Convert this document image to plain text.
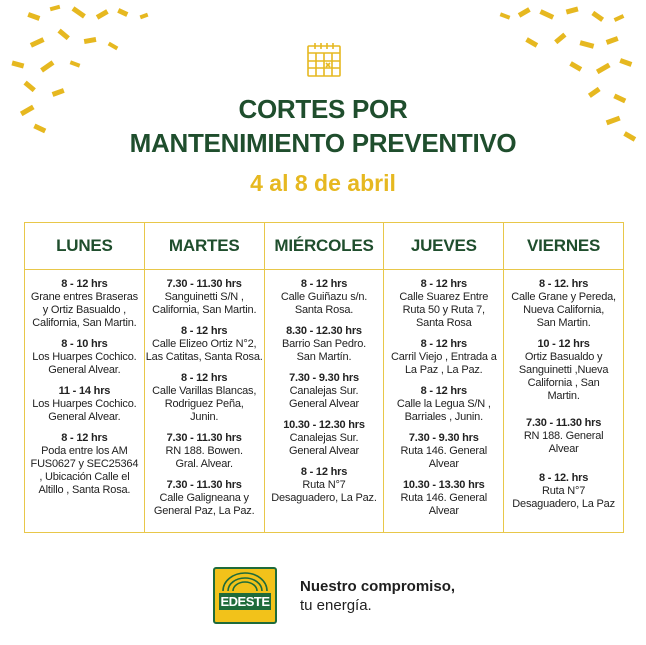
CORTES POR
MANTENIMIENTO PREVENTIVO
4 al 8 de abril
LUNES
8 - 12 hrs
Grane entres Braseras
y Ortiz Basualdo ,
California, San Martin.
8 - 10 hrs
Los Huarpes Cochico.
General Alvear.
11 - 14 hrs
Los Huarpes Cochico.
General Alvear.
8 - 12 hrs
Poda entre los AM
FUS0627 y SEC25364
, Ubicación Calle el
Altillo , Santa Rosa.
MARTES
7.30 - 11.30 hrs
Sanguinetti S/N ,
California, San Martin.
8 - 12 hrs
Calle Elizeo Ortiz N°2,
Las Catitas, Santa Rosa.
8 - 12 hrs
Calle Varillas Blancas,
Rodriguez Peña,
Junin.
7.30 - 11.30 hrs
RN 188. Bowen.
Gral. Alvear.
7.30 - 11.30 hrs
Calle Galigneana y
General Paz, La Paz.
MIÉRCOLES
8 - 12 hrs
Calle Guiñazu s/n.
Santa Rosa.
8.30 - 12.30 hrs
Barrio San Pedro.
San Martín.
7.30 - 9.30 hrs
Canalejas Sur.
General Alvear
10.30 - 12.30 hrs
Canalejas Sur.
General Alvear
8 - 12 hrs
Ruta N°7
Desaguadero, La Paz.
JUEVES
8 - 12 hrs
Calle Suarez Entre
Ruta 50 y Ruta 7,
Santa Rosa
8 - 12 hrs
Carril Viejo , Entrada a
La Paz , La Paz.
8 - 12 hrs
Calle la Legua S/N ,
Barriales , Junin.
7.30 - 9.30 hrs
Ruta 146. General
Alvear
10.30 - 13.30 hrs
Ruta 146. General
Alvear
VIERNES
8 - 12. hrs
Calle Grane y Pereda,
Nueva California,
San Martin.
10 - 12 hrs
Ortiz Basualdo y
Sanguinetti ,Nueva
California , San
Martin.
7.30 - 11.30 hrs
RN 188. General
Alvear
8 - 12. hrs
Ruta N°7
Desaguadero, La Paz
EDESTE
Nuestro compromiso,
tu energía.
